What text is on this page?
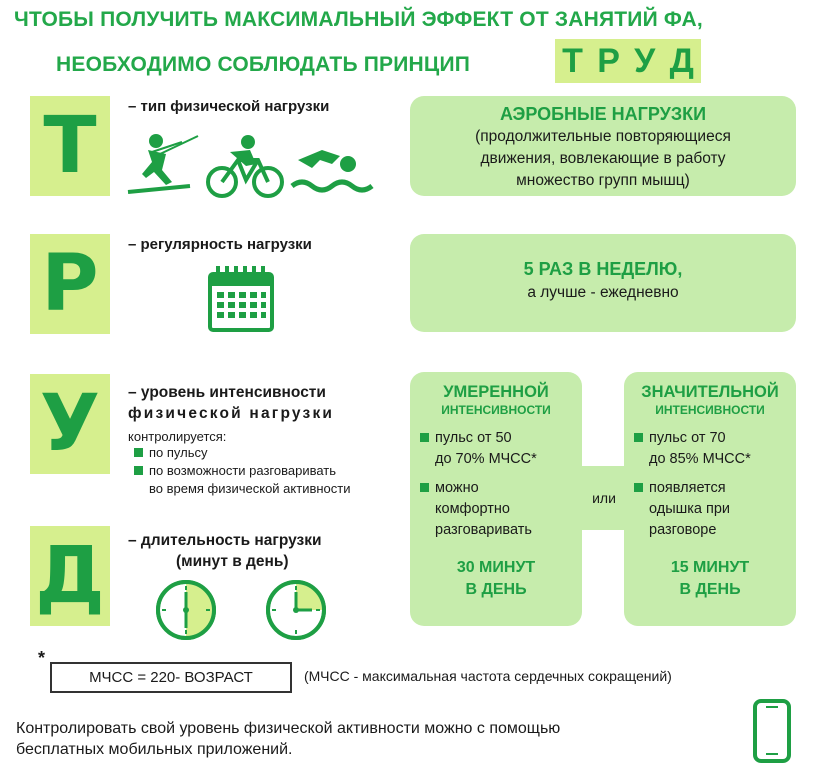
ЧТОБЫ ПОЛУЧИТЬ МАКСИМАЛЬНЫЙ ЭФФЕКТ ОТ ЗАНЯТИЙ ФА,
НЕОБХОДИМО СОБЛЮДАТЬ ПРИНЦИП	Т Р У Д
Т
Р
У
Д
– тип физической нагрузки	АЭРОБНЫЕ НАГРУЗКИ
(продолжительные повторяющиеся
движения, вовлекающие в работу
множество групп мышц)
– регулярность нагрузки
5 РАЗ В НЕДЕЛЮ,
а лучше - ежедневно
– уровень интенсивности
физической нагрузки
контролируется:
по пульсу
по возможности разговаривать
во время физической активности
– длительность нагрузки
(минут в день)
УМЕРЕННОЙ
ИНТЕНСИВНОСТИ
пульс от 50
до 70% МЧСС*
можно
комфортно
разговаривать
30 МИНУТ
В ДЕНЬ
или
ЗНАЧИТЕЛЬНОЙ
ИНТЕНСИВНОСТИ
пульс от 70
до 85% МЧСС*
появляется
одышка при
разговоре
15 МИНУТ
В ДЕНЬ
*
МЧСС = 220- ВОЗРАСТ	(МЧСС - максимальная частота сердечных сокращений)
Контролировать свой уровень физической активности можно с помощью
бесплатных мобильных приложений.
